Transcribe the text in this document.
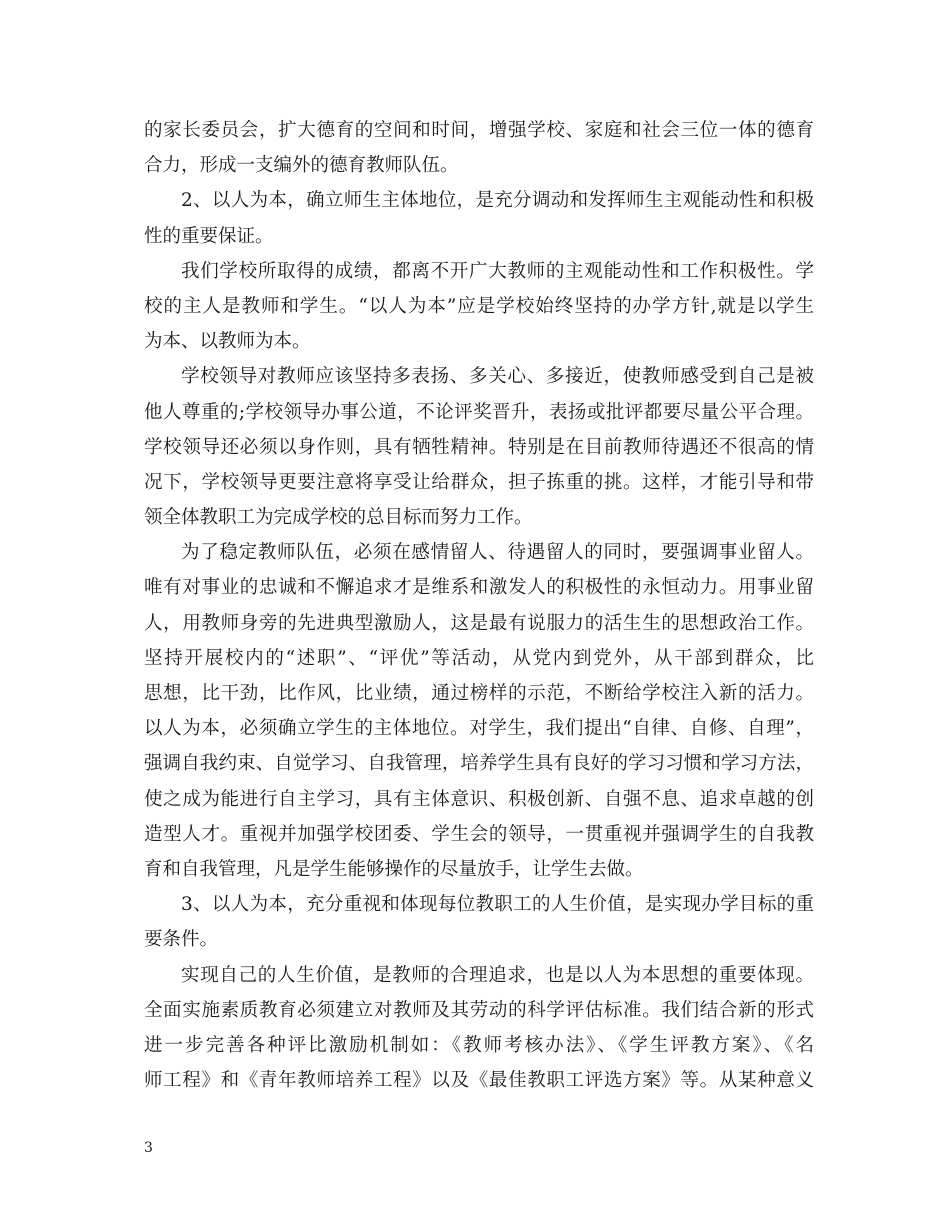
的家长委员会，扩大德育的空间和时间，增强学校、家庭和社会三位一体的德育
合力，形成一支编外的德育教师队伍。
2、以人为本，确立师生主体地位，是充分调动和发挥师生主观能动性和积极
性的重要保证。
我们学校所取得的成绩，都离不开广大教师的主观能动性和工作积极性。学
校的主人是教师和学生。“以人为本”应是学校始终坚持的办学方针,就是以学生
为本、以教师为本。
学校领导对教师应该坚持多表扬、多关心、多接近，使教师感受到自己是被
他人尊重的;学校领导办事公道，不论评奖晋升，表扬或批评都要尽量公平合理。
学校领导还必须以身作则，具有牺牲精神。特别是在目前教师待遇还不很高的情
况下，学校领导更要注意将享受让给群众，担子拣重的挑。这样，才能引导和带
领全体教职工为完成学校的总目标而努力工作。
为了稳定教师队伍，必须在感情留人、待遇留人的同时，要强调事业留人。
唯有对事业的忠诚和不懈追求才是维系和激发人的积极性的永恒动力。用事业留
人，用教师身旁的先进典型激励人，这是最有说服力的活生生的思想政治工作。
坚持开展校内的“述职”、“评优”等活动，从党内到党外，从干部到群众，比
思想，比干劲，比作风，比业绩，通过榜样的示范，不断给学校注入新的活力。
以人为本，必须确立学生的主体地位。对学生，我们提出“自律、自修、自理”，
强调自我约束、自觉学习、自我管理，培养学生具有良好的学习习惯和学习方法，
使之成为能进行自主学习，具有主体意识、积极创新、自强不息、追求卓越的创
造型人才。重视并加强学校团委、学生会的领导，一贯重视并强调学生的自我教
育和自我管理，凡是学生能够操作的尽量放手，让学生去做。
3、以人为本，充分重视和体现每位教职工的人生价值，是实现办学目标的重
要条件。
实现自己的人生价值，是教师的合理追求，也是以人为本思想的重要体现。
全面实施素质教育必须建立对教师及其劳动的科学评估标准。我们结合新的形式
进一步完善各种评比激励机制如：《教师考核办法》、《学生评教方案》、《名
师工程》和《青年教师培养工程》以及《最佳教职工评选方案》等。从某种意义
3
